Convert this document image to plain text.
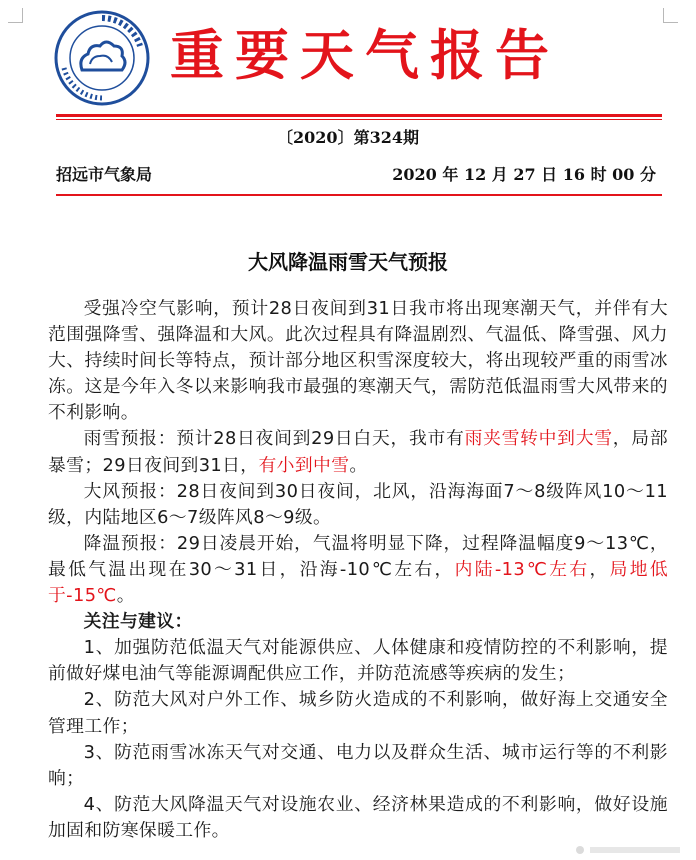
重要天气报告
〔2020〕第324期
招远市气象局	2020 年 12 月 27 日 16 时 00 分
大风降温雨雪天气预报

受强冷空气影响，预计28日夜间到31日我市将出现寒潮天气，并伴有大范围强降雪、强降温和大风。此次过程具有降温剧烈、气温低、降雪强、风力大、持续时间长等特点，预计部分地区积雪深度较大，将出现较严重的雨雪冰冻。这是今年入冬以来影响我市最强的寒潮天气，需防范低温雨雪大风带来的不利影响。

雨雪预报：预计28日夜间到29日白天，我市有雨夹雪转中到大雪，局部暴雪；29日夜间到31日，有小到中雪。

大风预报：28日夜间到30日夜间，北风，沿海海面7～8级阵风10～11级，内陆地区6～7级阵风8～9级。

降温预报：29日凌晨开始，气温将明显下降，过程降温幅度9～13℃，最低气温出现在30～31日，沿海-10℃左右，内陆-13℃左右，局地低于-15℃。

关注与建议：

1、加强防范低温天气对能源供应、人体健康和疫情防控的不利影响，提前做好煤电油气等能源调配供应工作，并防范流感等疾病的发生；

2、防范大风对户外工作、城乡防火造成的不利影响，做好海上交通安全管理工作；

3、防范雨雪冰冻天气对交通、电力以及群众生活、城市运行等的不利影响；

4、防范大风降温天气对设施农业、经济林果造成的不利影响，做好设施加固和防寒保暖工作。
